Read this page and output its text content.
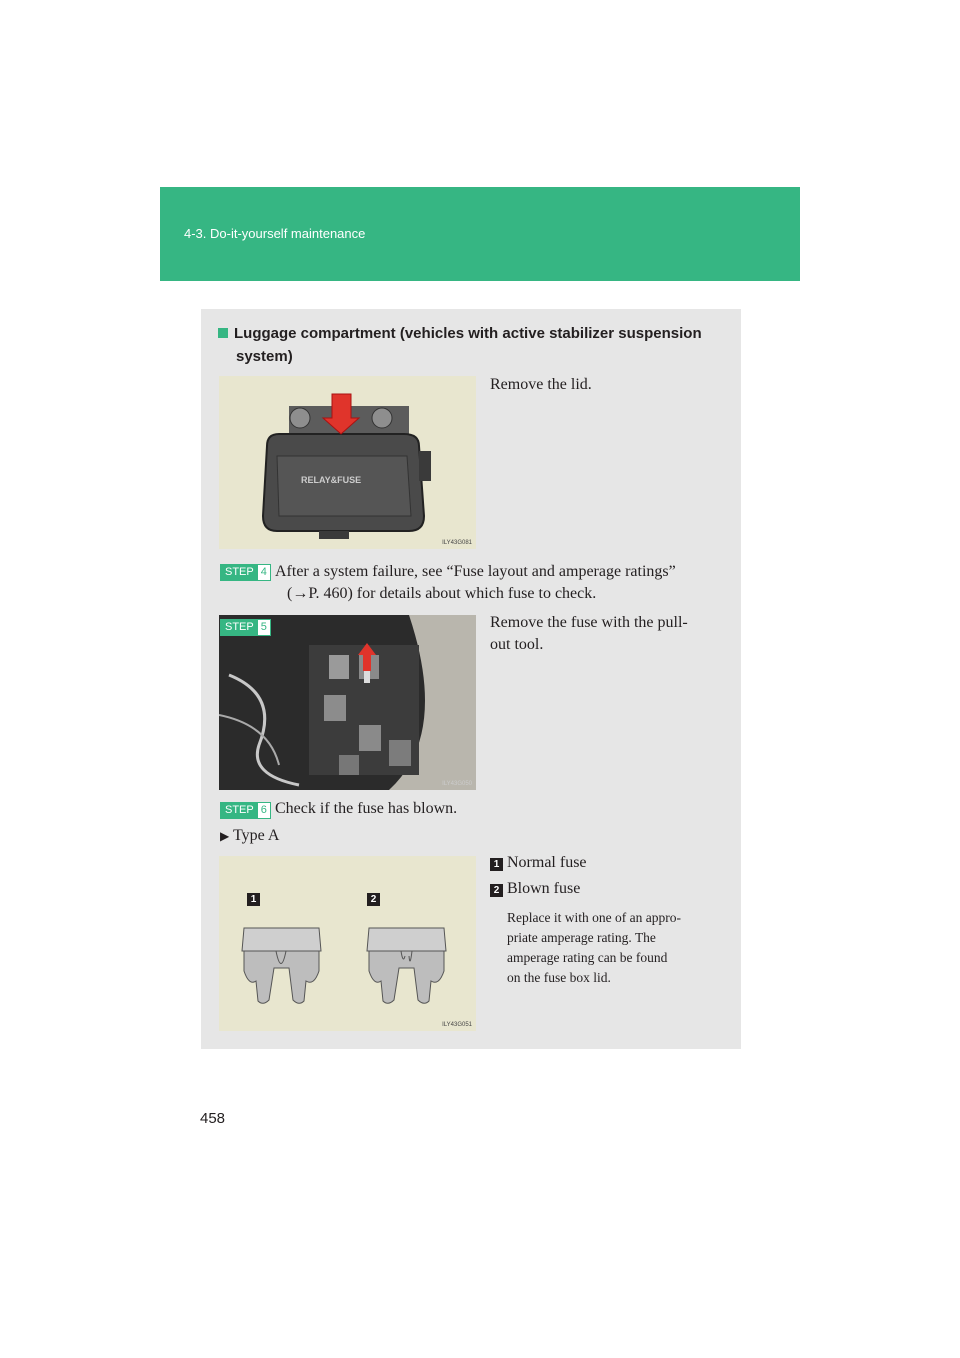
4-3. Do-it-yourself maintenance
Luggage compartment (vehicles with active stabilizer suspension
system)
RELAY&FUSE
ILY43G081
Remove the lid.
STEP 4 After a system failure, see “Fuse layout and amperage ratings”
(→P. 460) for details about which fuse to check.
ILY43G050
STEP 5	Remove the fuse with the pull-
out tool.
STEP 6 Check if the fuse has blown.
▶ Type A
1	2
ILY43G051
1 Normal fuse
2 Blown fuse
Replace it with one of an appro-
priate amperage rating. The
amperage rating can be found
on the fuse box lid.
458
